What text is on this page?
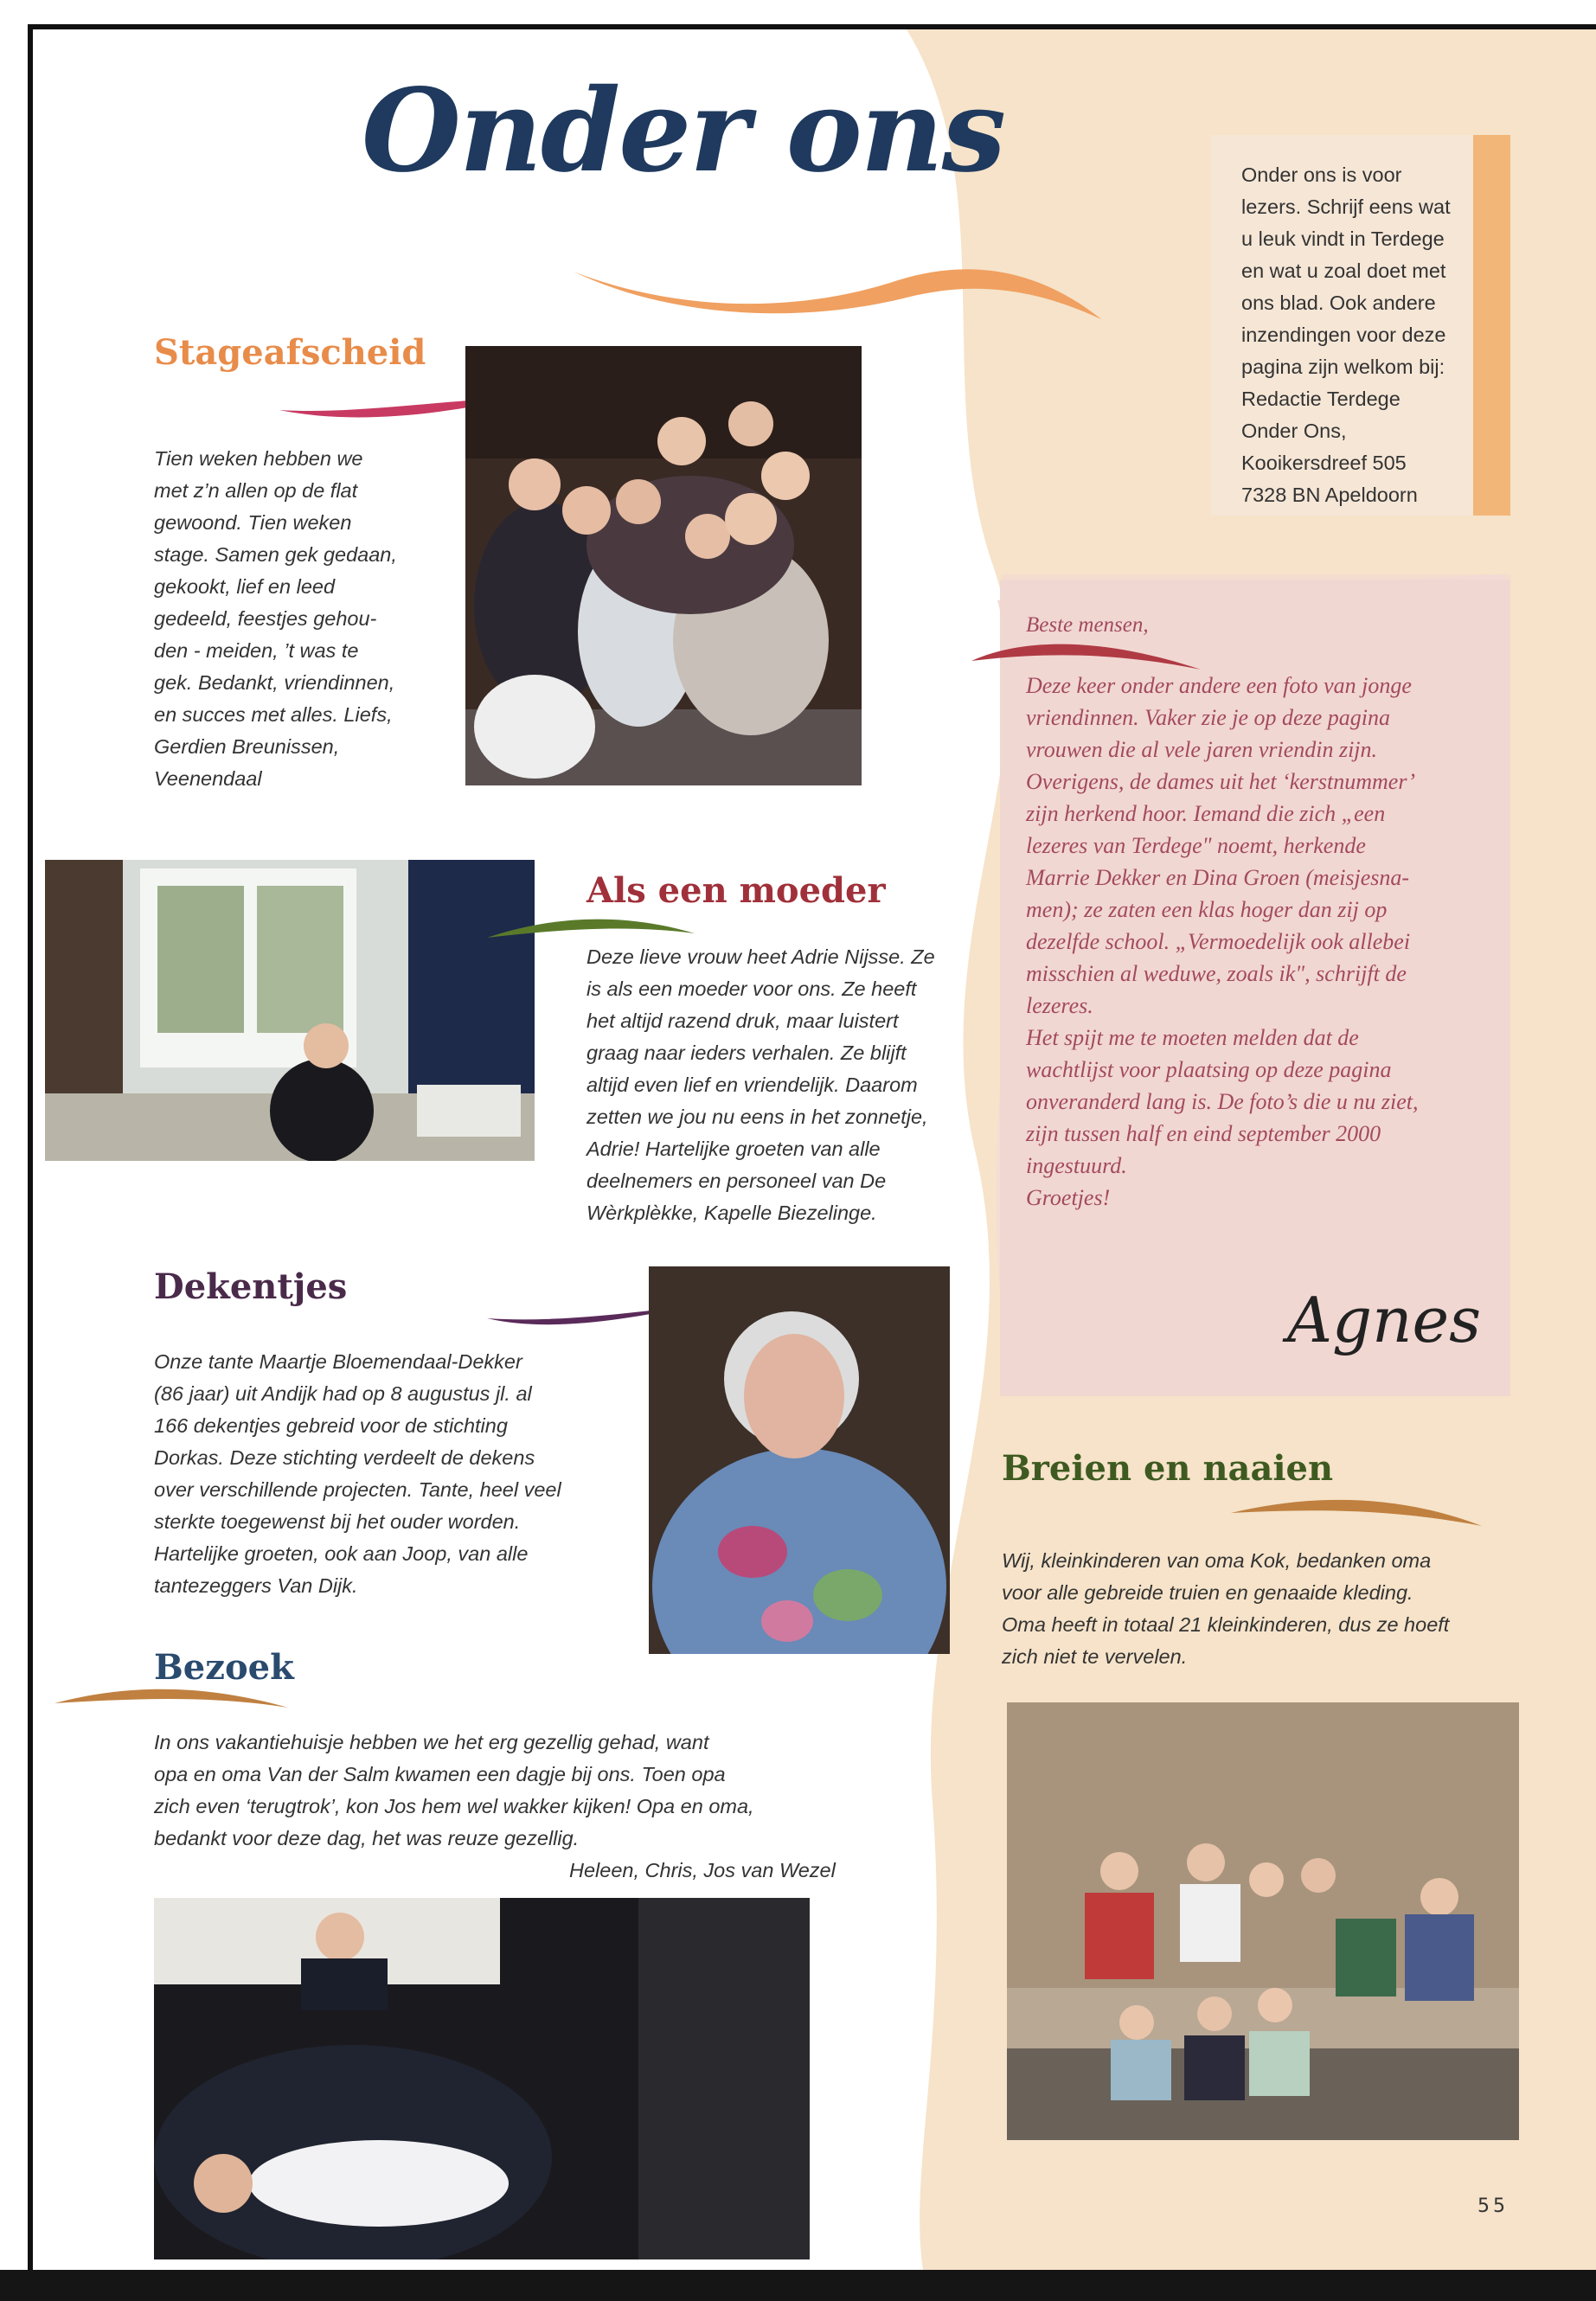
Onder ons	Onder ons is voor
lezers. Schrijf eens wat
u leuk vindt in Terdege
en wat u zoal doet met
ons blad. Ook andere
inzendingen voor deze
pagina zijn welkom bij:
Redactie Terdege
Onder Ons,
Kooikersdreef 505
7328 BN Apeldoorn
Beste mensen,
Deze keer onder andere een foto van jonge
vriendinnen. Vaker zie je op deze pagina
vrouwen die al vele jaren vriendin zijn.
Overigens, de dames uit het ‘kerstnummer’
zijn herkend hoor. Iemand die zich „een
lezeres van Terdege" noemt, herkende
Marrie Dekker en Dina Groen (meisjesna-
men); ze zaten een klas hoger dan zij op
dezelfde school. „Vermoedelijk ook allebei
misschien al weduwe, zoals ik", schrijft de
lezeres.
Het spijt me te moeten melden dat de
wachtlijst voor plaatsing op deze pagina
onveranderd lang is. De foto’s die u nu ziet,
zijn tussen half en eind september 2000
ingestuurd.
Groetjes!
Agnes
Stageafscheid
Tien weken hebben we
met z’n allen op de flat
gewoond. Tien weken
stage. Samen gek gedaan,
gekookt, lief en leed
gedeeld, feestjes gehou-
den - meiden, ’t was te
gek. Bedankt, vriendinnen,
en succes met alles. Liefs,
Gerdien Breunissen,
Veenendaal
Als een moeder
Deze lieve vrouw heet Adrie Nijsse. Ze
is als een moeder voor ons. Ze heeft
het altijd razend druk, maar luistert
graag naar ieders verhalen. Ze blijft
altijd even lief en vriendelijk. Daarom
zetten we jou nu eens in het zonnetje,
Adrie! Hartelijke groeten van alle
deelnemers en personeel van De
Wèrkplèkke, Kapelle Biezelinge.
Dekentjes
Onze tante Maartje Bloemendaal-Dekker
(86 jaar) uit Andijk had op 8 augustus jl. al
166 dekentjes gebreid voor de stichting
Dorkas. Deze stichting verdeelt de dekens
over verschillende projecten. Tante, heel veel
sterkte toegewenst bij het ouder worden.
Hartelijke groeten, ook aan Joop, van alle
tantezeggers Van Dijk.
Bezoek
In ons vakantiehuisje hebben we het erg gezellig gehad, want
opa en oma Van der Salm kwamen een dagje bij ons. Toen opa
zich even ‘terugtrok’, kon Jos hem wel wakker kijken! Opa en oma,
bedankt voor deze dag, het was reuze gezellig.
Heleen, Chris, Jos van Wezel
Breien en naaien
Wij, kleinkinderen van oma Kok, bedanken oma
voor alle gebreide truien en genaaide kleding.
Oma heeft in totaal 21 kleinkinderen, dus ze hoeft
zich niet te vervelen.
55
